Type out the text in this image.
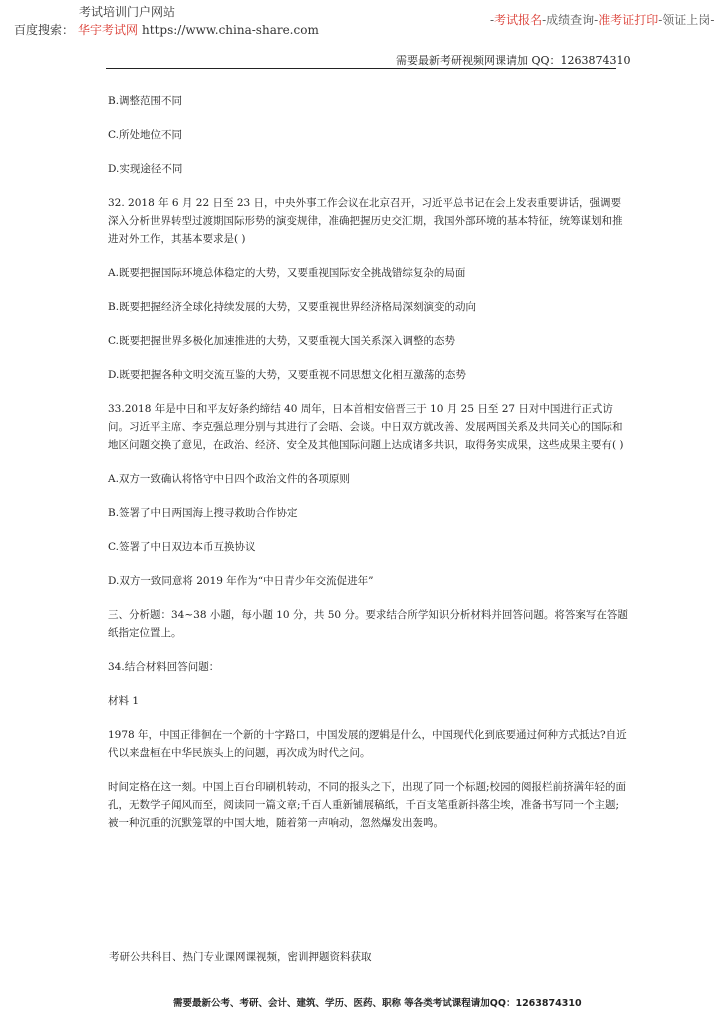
考试培训门户网站
百度搜索： 华宇考试网 https://www.china-share.com
-考试报名-成绩查询-准考证打印-领证上岗-
需要最新考研视频网课请加 QQ：1263874310

B.调整范围不同

C.所处地位不同

D.实现途径不同

32. 2018 年 6 月 22 日至 23 日，中央外事工作会议在北京召开，习近平总书记在会上发表重要讲话，强调要深入分析世界转型过渡期国际形势的演变规律，准确把握历史交汇期，我国外部环境的基本特征，统筹谋划和推进对外工作，其基本要求是( )

A.既要把握国际环境总体稳定的大势，又要重视国际安全挑战错综复杂的局面

B.既要把握经济全球化持续发展的大势，又要重视世界经济格局深刻演变的动向

C.既要把握世界多极化加速推进的大势，又要重视大国关系深入调整的态势

D.既要把握各种文明交流互鉴的大势，又要重视不同思想文化相互激荡的态势

33.2018 年是中日和平友好条约缔结 40 周年，日本首相安倍晋三于 10 月 25 日至 27 日对中国进行正式访问。习近平主席、李克强总理分别与其进行了会晤、会谈。中日双方就改善、发展两国关系及共同关心的国际和地区问题交换了意见，在政治、经济、安全及其他国际问题上达成诸多共识，取得务实成果，这些成果主要有( )

A.双方一致确认将恪守中日四个政治文件的各项原则

B.签署了中日两国海上搜寻救助合作协定

C.签署了中日双边本币互换协议

D.双方一致同意将 2019 年作为“中日青少年交流促进年”

三、分析题：34~38 小题，每小题 10 分，共 50 分。要求结合所学知识分析材料并回答问题。将答案写在答题纸指定位置上。

34.结合材料回答问题：

材料 1

1978 年，中国正徘徊在一个新的十字路口，中国发展的逻辑是什么，中国现代化到底要通过何种方式抵达?自近代以来盘桓在中华民族头上的问题，再次成为时代之问。

时间定格在这一刻。中国上百台印刷机转动，不同的报头之下，出现了同一个标题;校园的阅报栏前挤满年轻的面孔，无数学子闻风而至，阅读同一篇文章;千百人重新铺展稿纸，千百支笔重新抖落尘埃，准备书写同一个主题;被一种沉重的沉默笼罩的中国大地，随着第一声响动，忽然爆发出轰鸣。

考研公共科目、热门专业课网课视频，密训押题资料获取
需要最新公考、考研、会计、建筑、学历、医药、职称 等各类考试课程请加QQ：1263874310
